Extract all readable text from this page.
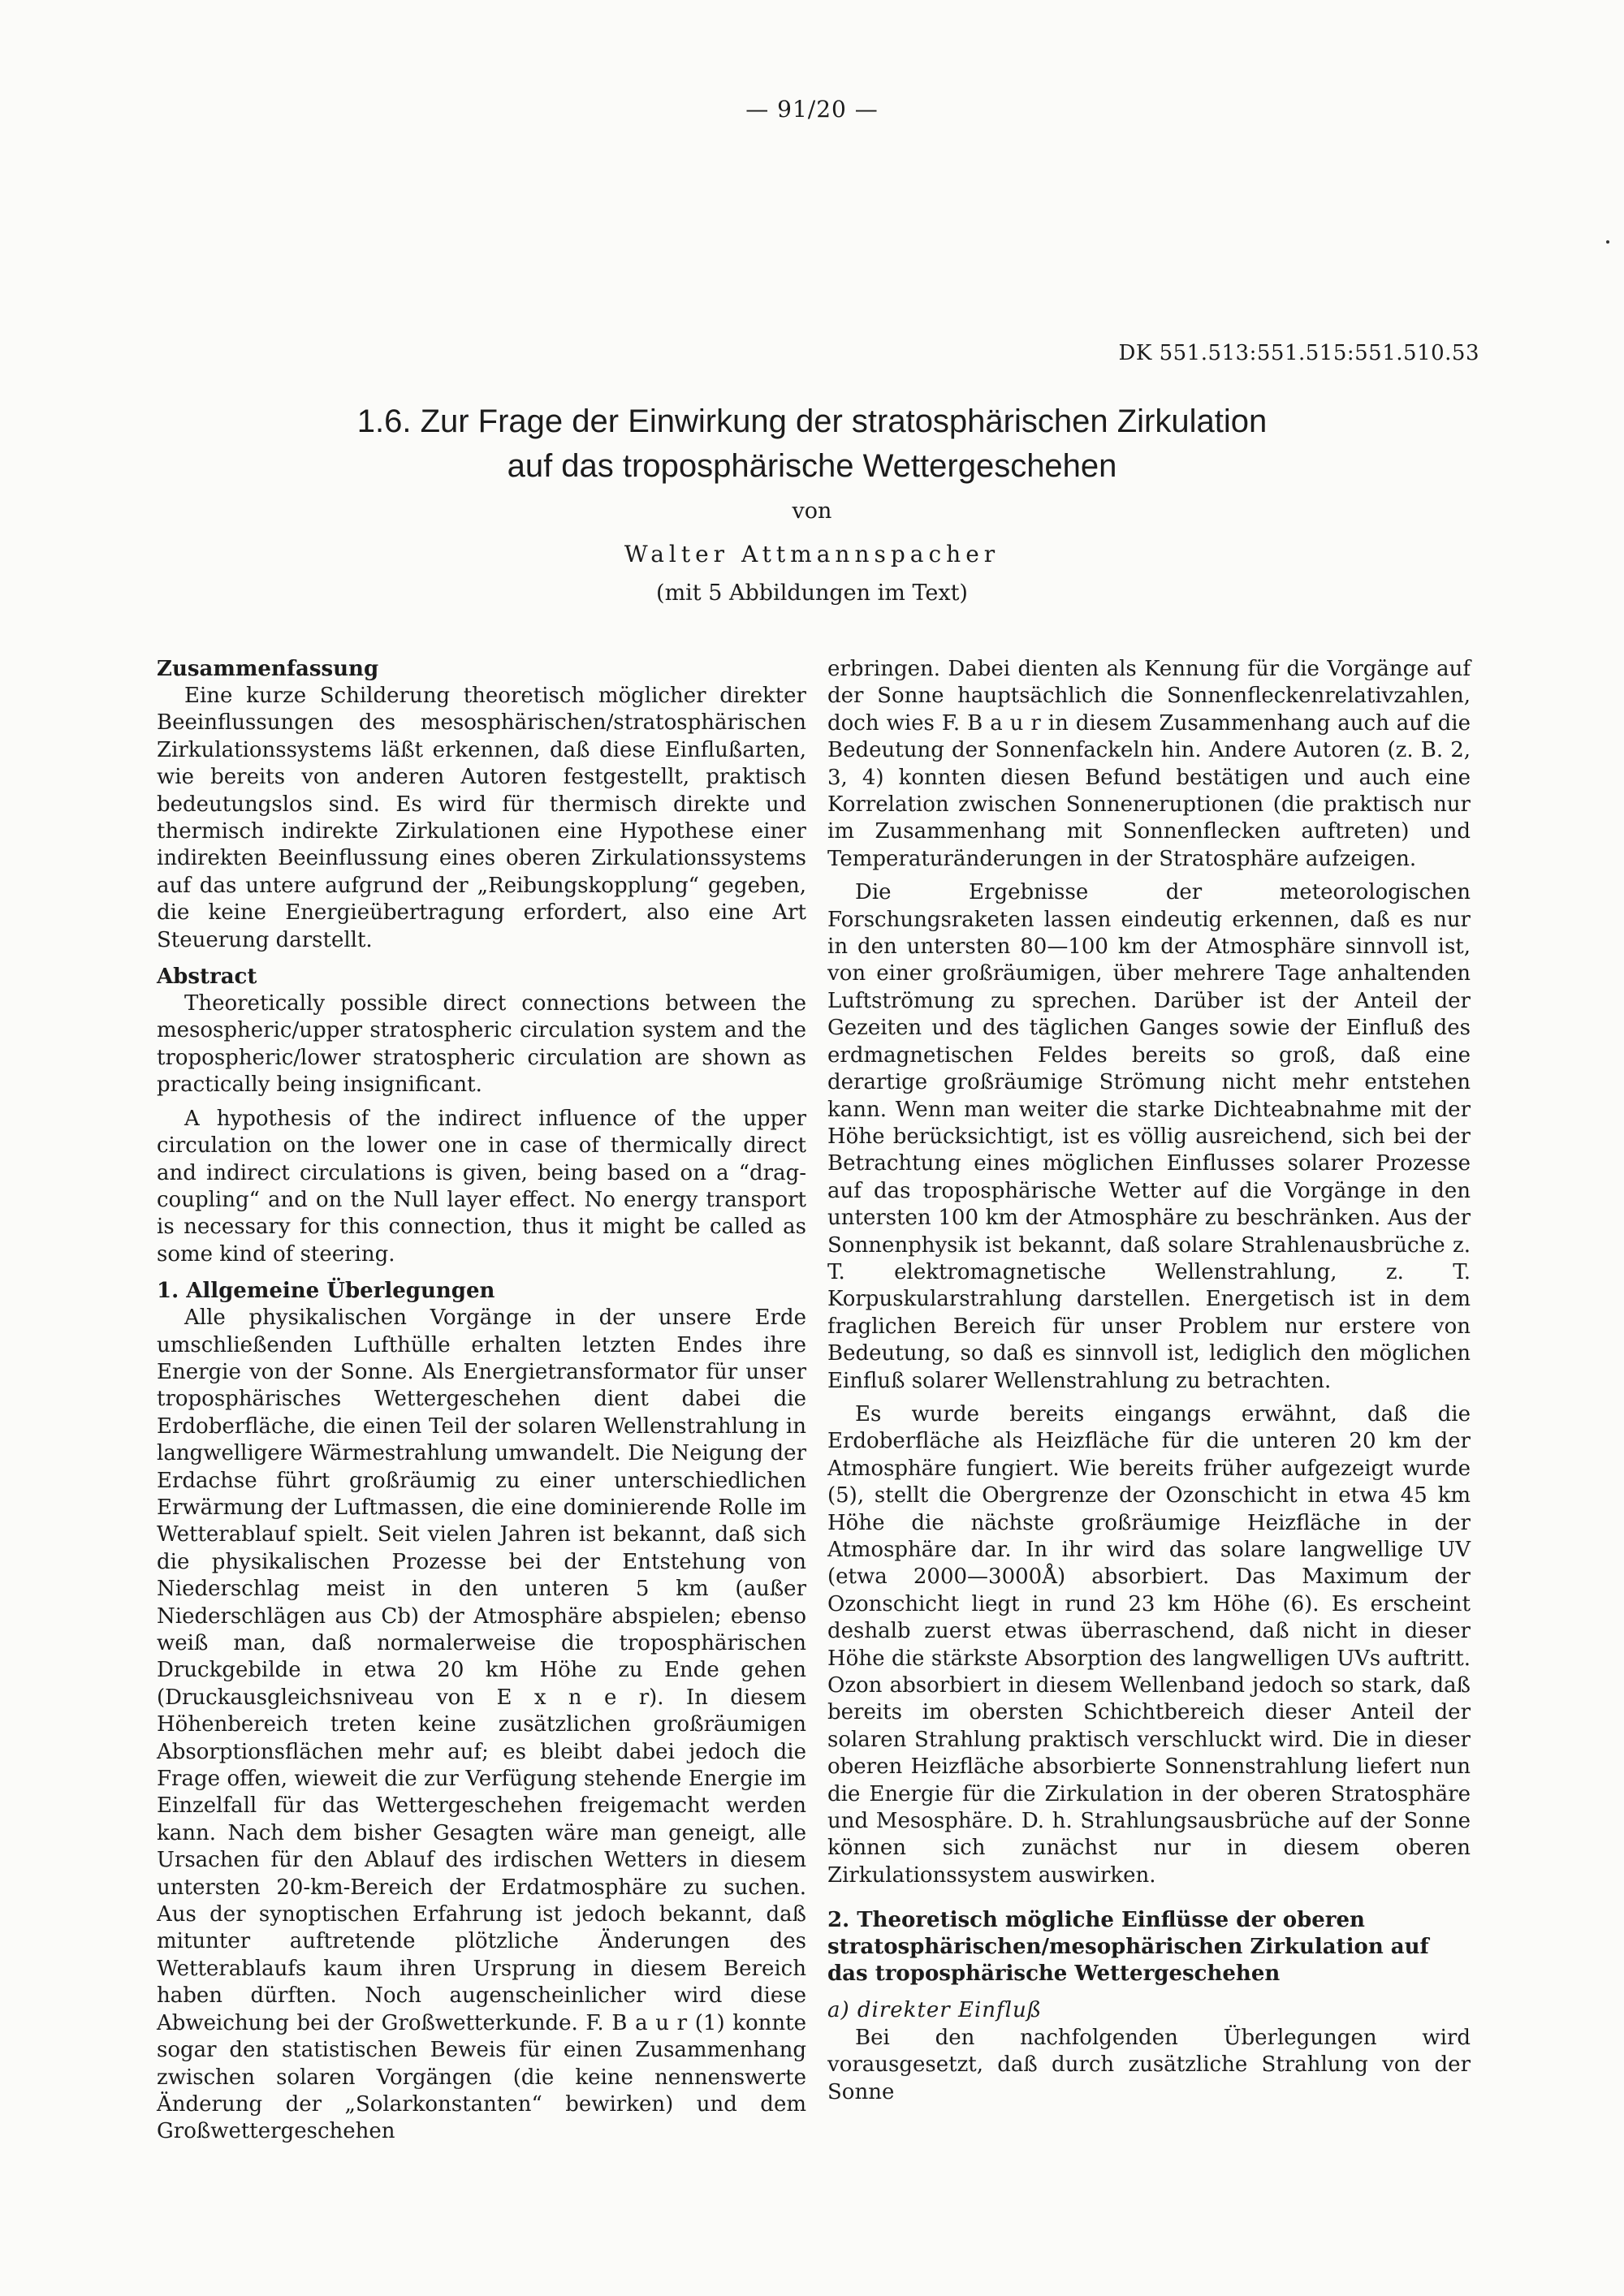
— 91/20 —
DK 551.513:551.515:551.510.53
1.6. Zur Frage der Einwirkung der stratosphärischen Zirkulation
auf das troposphärische Wettergeschehen
von
Walter Attmannspacher
(mit 5 Abbildungen im Text)
Zusammenfassung

Eine kurze Schilderung theoretisch möglicher direkter Beeinflussungen des mesosphärischen/stratosphärischen Zirkulationssystems läßt erkennen, daß diese Einflußarten, wie bereits von anderen Autoren festgestellt, praktisch bedeutungslos sind. Es wird für thermisch direkte und thermisch indirekte Zirkulationen eine Hypothese einer indirekten Beeinflussung eines oberen Zirkulationssystems auf das untere aufgrund der „Reibungskopplung“ gegeben, die keine Energieübertragung erfordert, also eine Art Steuerung darstellt.

Abstract

Theoretically possible direct connections between the mesospheric/upper stratospheric circulation system and the tropospheric/lower stratospheric circulation are shown as practically being insignificant.

A hypothesis of the indirect influence of the upper circulation on the lower one in case of thermically direct and indirect circulations is given, being based on a “drag-coupling“ and on the Null layer effect. No energy transport is necessary for this connection, thus it might be called as some kind of steering.

1. Allgemeine Überlegungen

Alle physikalischen Vorgänge in der unsere Erde umschließenden Lufthülle erhalten letzten Endes ihre Energie von der Sonne. Als Energietransformator für unser troposphärisches Wettergeschehen dient dabei die Erdoberfläche, die einen Teil der solaren Wellenstrahlung in langwelligere Wärmestrahlung umwandelt. Die Neigung der Erdachse führt großräumig zu einer unterschiedlichen Erwärmung der Luftmassen, die eine dominierende Rolle im Wetterablauf spielt. Seit vielen Jahren ist bekannt, daß sich die physikalischen Prozesse bei der Entstehung von Niederschlag meist in den unteren 5 km (außer Niederschlägen aus Cb) der Atmosphäre abspielen; ebenso weiß man, daß normalerweise die troposphärischen Druckgebilde in etwa 20 km Höhe zu Ende gehen (Druckausgleichsniveau von E x n e r). In diesem Höhenbereich treten keine zusätzlichen großräumigen Absorptionsflächen mehr auf; es bleibt dabei jedoch die Frage offen, wieweit die zur Verfügung stehende Energie im Einzelfall für das Wettergeschehen freigemacht werden kann. Nach dem bisher Gesagten wäre man geneigt, alle Ursachen für den Ablauf des irdischen Wetters in diesem untersten 20-km-Bereich der Erdatmosphäre zu suchen. Aus der synoptischen Erfahrung ist jedoch bekannt, daß mitunter auftretende plötzliche Änderungen des Wetterablaufs kaum ihren Ursprung in diesem Bereich haben dürften. Noch augenscheinlicher wird diese Abweichung bei der Großwetterkunde. F. B a u r (1) konnte sogar den statistischen Beweis für einen Zusammenhang zwischen solaren Vorgängen (die keine nennenswerte Änderung der „Solarkonstanten“ bewirken) und dem Großwettergeschehen

erbringen. Dabei dienten als Kennung für die Vorgänge auf der Sonne hauptsächlich die Sonnenfleckenrelativzahlen, doch wies F. B a u r in diesem Zusammenhang auch auf die Bedeutung der Sonnenfackeln hin. Andere Autoren (z. B. 2, 3, 4) konnten diesen Befund bestätigen und auch eine Korrelation zwischen Sonneneruptionen (die praktisch nur im Zusammenhang mit Sonnenflecken auftreten) und Temperaturänderungen in der Stratosphäre aufzeigen.

Die Ergebnisse der meteorologischen Forschungsraketen lassen eindeutig erkennen, daß es nur in den untersten 80—100 km der Atmosphäre sinnvoll ist, von einer großräumigen, über mehrere Tage anhaltenden Luftströmung zu sprechen. Darüber ist der Anteil der Gezeiten und des täglichen Ganges sowie der Einfluß des erdmagnetischen Feldes bereits so groß, daß eine derartige großräumige Strömung nicht mehr entstehen kann. Wenn man weiter die starke Dichteabnahme mit der Höhe berücksichtigt, ist es völlig ausreichend, sich bei der Betrachtung eines möglichen Einflusses solarer Prozesse auf das troposphärische Wetter auf die Vorgänge in den untersten 100 km der Atmosphäre zu beschränken. Aus der Sonnenphysik ist bekannt, daß solare Strahlenausbrüche z. T. elektromagnetische Wellenstrahlung, z. T. Korpuskularstrahlung darstellen. Energetisch ist in dem fraglichen Bereich für unser Problem nur erstere von Bedeutung, so daß es sinnvoll ist, lediglich den möglichen Einfluß solarer Wellenstrahlung zu betrachten.

Es wurde bereits eingangs erwähnt, daß die Erdoberfläche als Heizfläche für die unteren 20 km der Atmosphäre fungiert. Wie bereits früher aufgezeigt wurde (5), stellt die Obergrenze der Ozonschicht in etwa 45 km Höhe die nächste großräumige Heizfläche in der Atmosphäre dar. In ihr wird das solare langwellige UV (etwa 2000—3000Å) absorbiert. Das Maximum der Ozonschicht liegt in rund 23 km Höhe (6). Es erscheint deshalb zuerst etwas überraschend, daß nicht in dieser Höhe die stärkste Absorption des langwelligen UVs auftritt. Ozon absorbiert in diesem Wellenband jedoch so stark, daß bereits im obersten Schichtbereich dieser Anteil der solaren Strahlung praktisch verschluckt wird. Die in dieser oberen Heizfläche absorbierte Sonnenstrahlung liefert nun die Energie für die Zirkulation in der oberen Stratosphäre und Mesosphäre. D. h. Strahlungsausbrüche auf der Sonne können sich zunächst nur in diesem oberen Zirkulationssystem auswirken.

2. Theoretisch mögliche Einflüsse der oberen stratosphärischen/mesophärischen Zirkulation auf das troposphärische Wettergeschehen
a) direkter Einfluß

Bei den nachfolgenden Überlegungen wird vorausgesetzt, daß durch zusätzliche Strahlung von der Sonne
